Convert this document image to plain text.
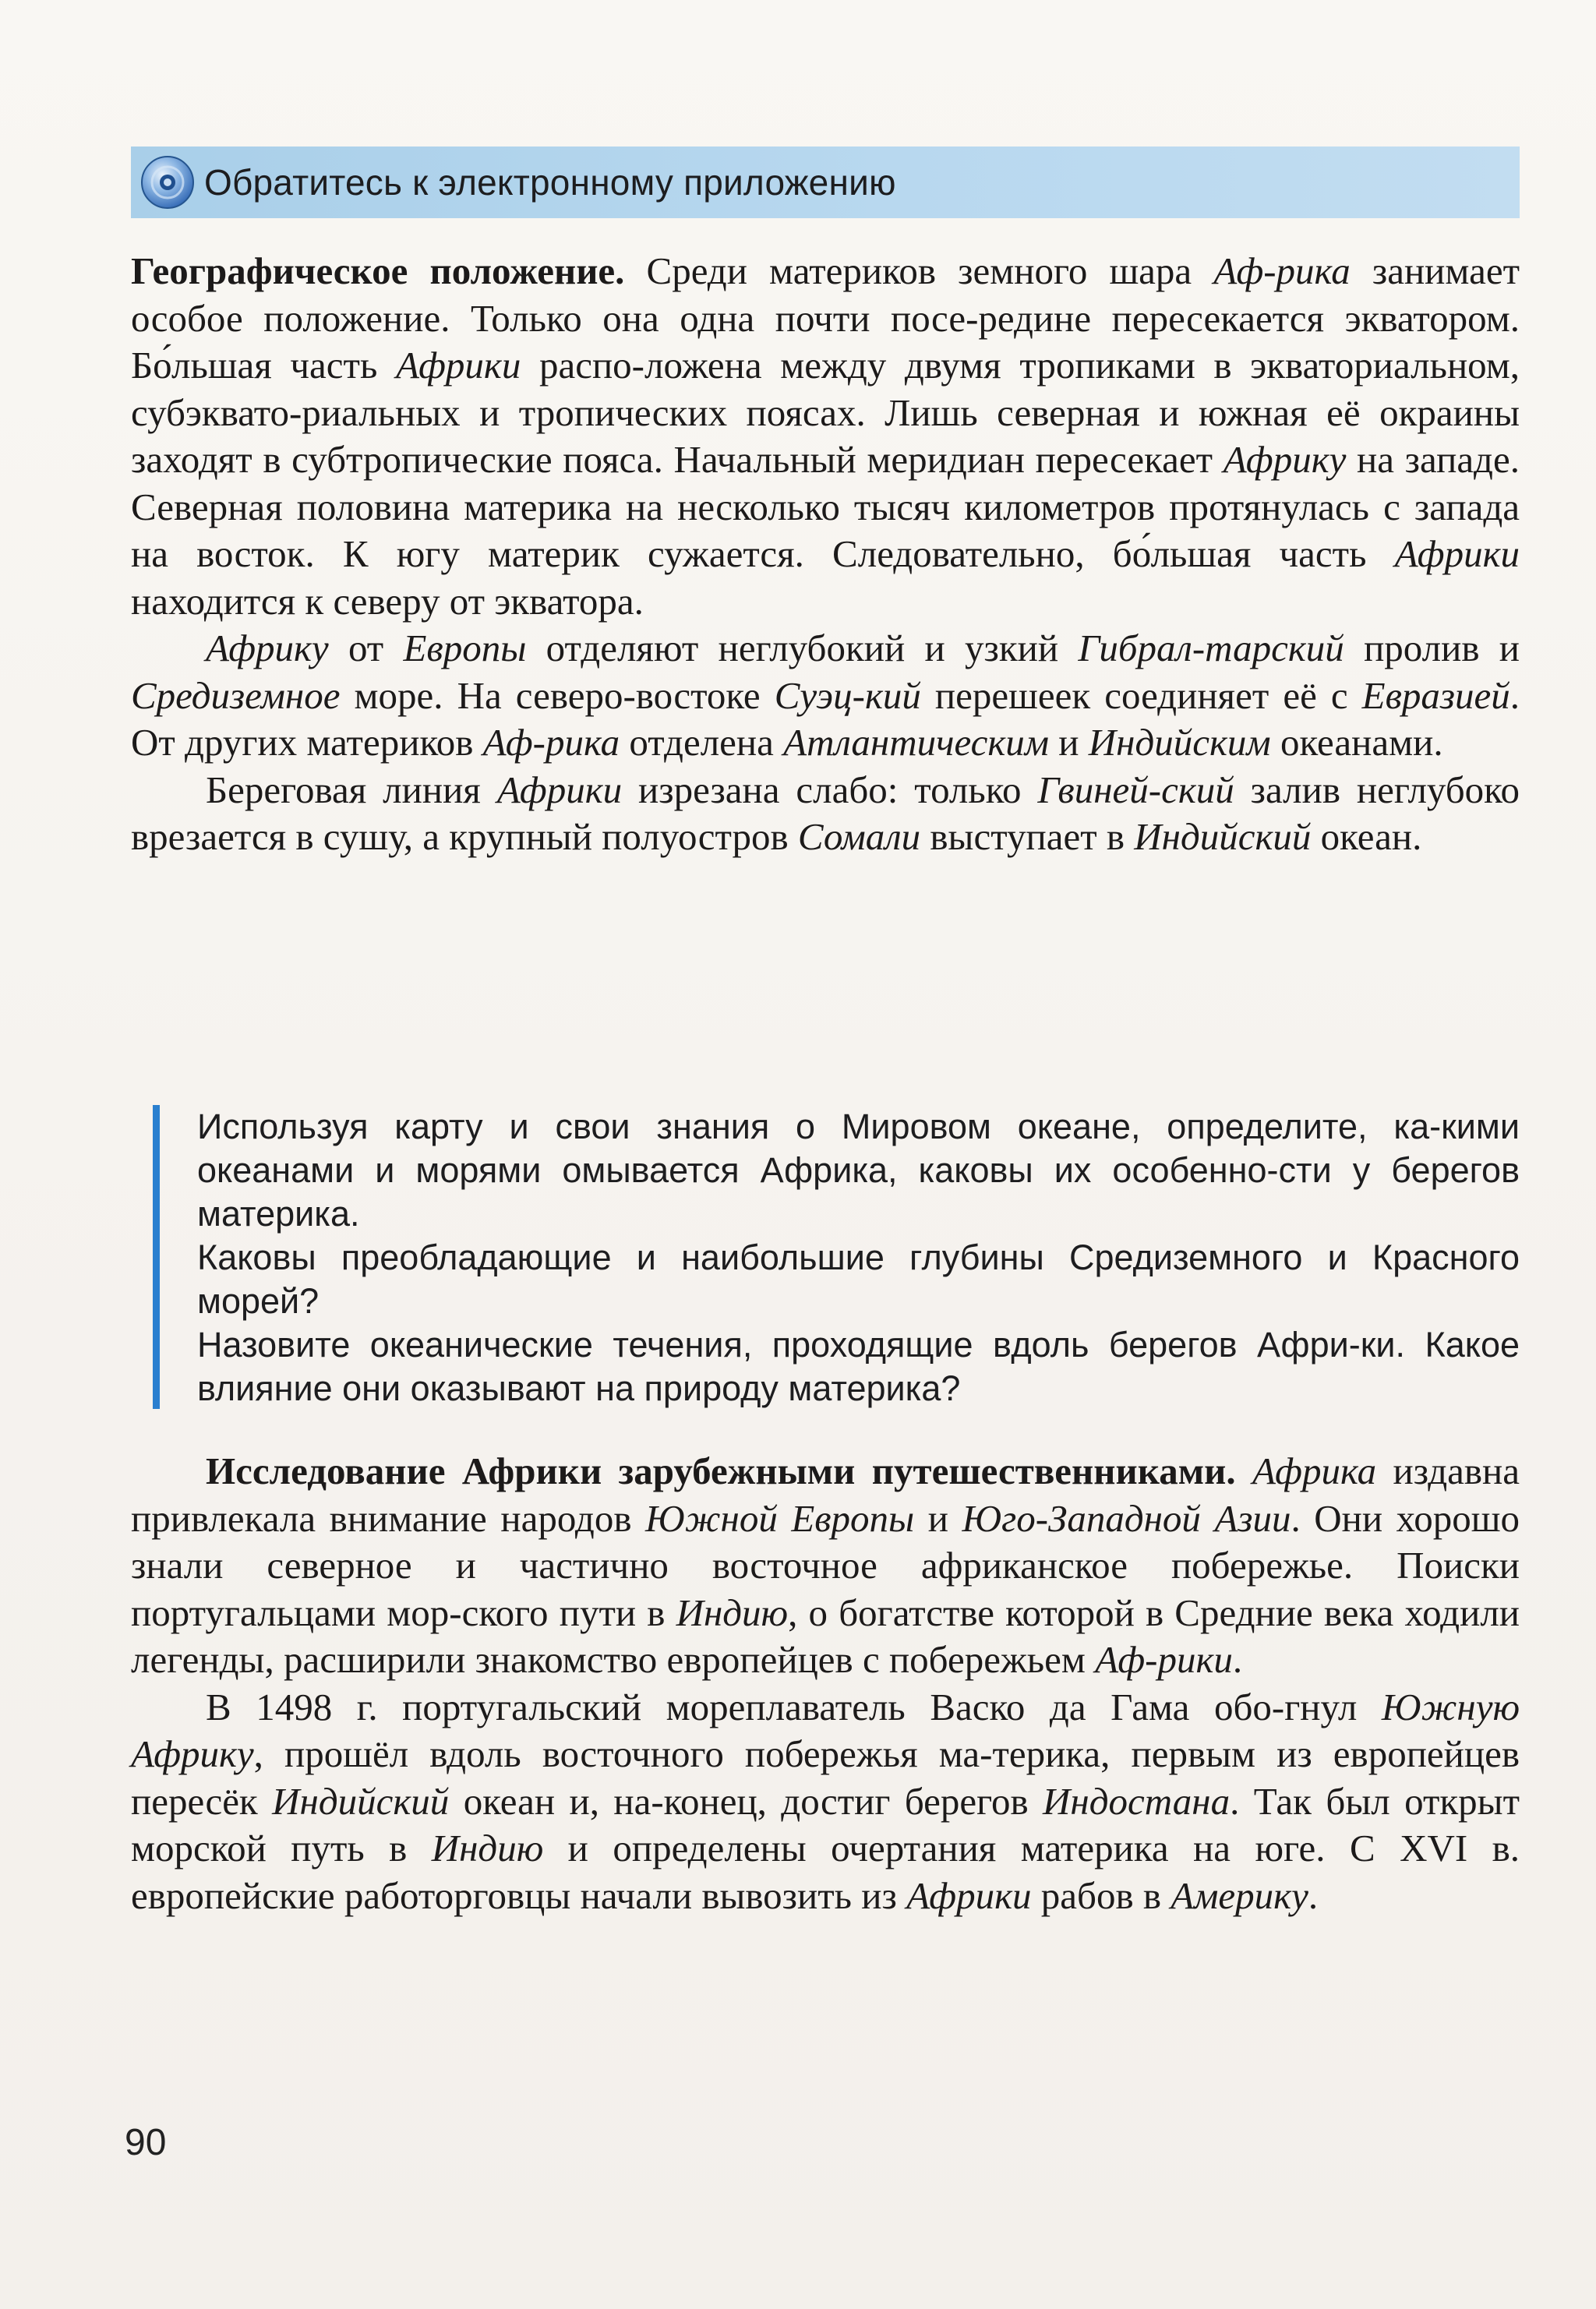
Обратитесь к электронному приложению

Географическое положение. Среди материков земного шара Аф-рика занимает особое положение. Только она одна почти посе-редине пересекается экватором. Бо́льшая часть Африки распо-ложена между двумя тропиками в экваториальном, субэквато-риальных и тропических поясах. Лишь северная и южная её окраины заходят в субтропические пояса. Начальный меридиан пересекает Африку на западе. Северная половина материка на несколько тысяч километров протянулась с запада на восток. К югу материк сужается. Следовательно, бо́льшая часть Африки находится к северу от экватора.

Африку от Европы отделяют неглубокий и узкий Гибрал-тарский пролив и Средиземное море. На северо-востоке Суэц-кий перешеек соединяет её с Евразией. От других материков Аф-рика отделена Атлантическим и Индийским океанами.

Береговая линия Африки изрезана слабо: только Гвиней-ский залив неглубоко врезается в сушу, а крупный полуостров Сомали выступает в Индийский океан.

Используя карту и свои знания о Мировом океане, определите, ка-кими океанами и морями омывается Африка, каковы их особенно-сти у берегов материка.

Каковы преобладающие и наибольшие глубины Средиземного и Красного морей?

Назовите океанические течения, проходящие вдоль берегов Афри-ки. Какое влияние они оказывают на природу материка?

Исследование Африки зарубежными путешественниками. Африка издавна привлекала внимание народов Южной Европы и Юго-Западной Азии. Они хорошо знали северное и частично восточное африканское побережье. Поиски португальцами мор-ского пути в Индию, о богатстве которой в Средние века ходили легенды, расширили знакомство европейцев с побережьем Аф-рики.

В 1498 г. португальский мореплаватель Васко да Гама обо-гнул Южную Африку, прошёл вдоль восточного побережья ма-терика, первым из европейцев пересёк Индийский океан и, на-конец, достиг берегов Индостана. Так был открыт морской путь в Индию и определены очертания материка на юге. С XVI в. европейские работорговцы начали вывозить из Африки рабов в Америку.

90
